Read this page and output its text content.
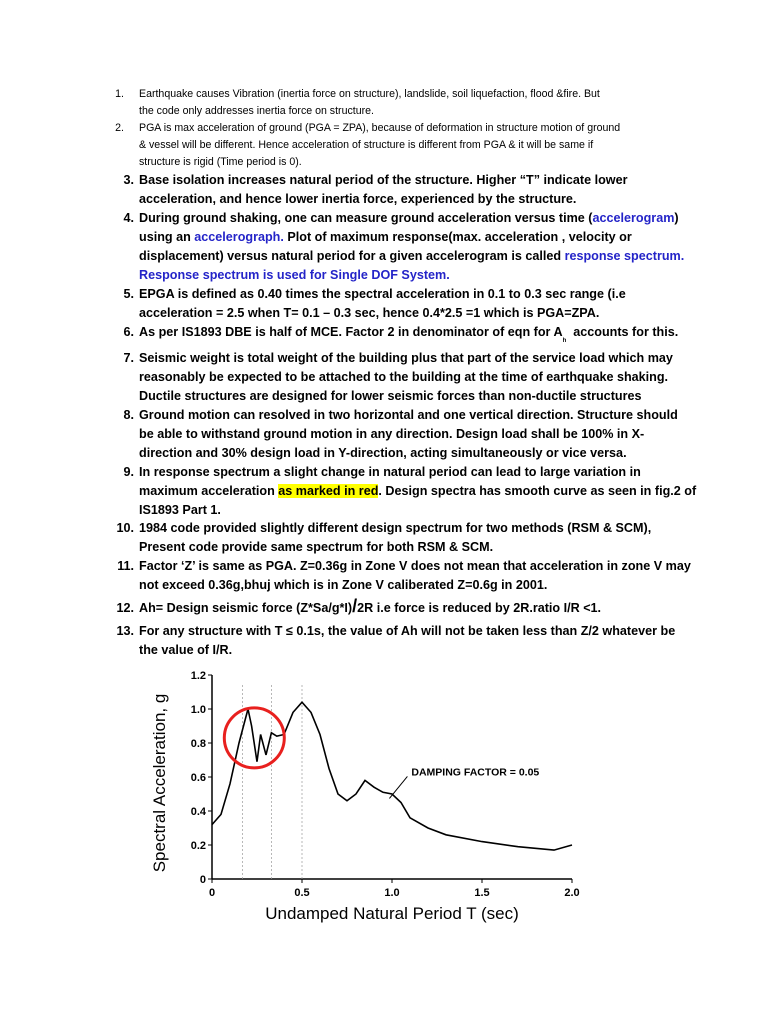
1. Earthquake causes Vibration (inertia force on structure), landslide, soil liquefaction, flood &fire. But
the code only addresses inertia force on structure.
2. PGA is max acceleration of ground (PGA = ZPA), because of deformation in structure motion of ground
& vessel will be different. Hence acceleration of structure is different from PGA & it will be same if
structure is rigid (Time period is 0).
3. Base isolation increases natural period of the structure. Higher “T” indicate lower
acceleration, and hence lower inertia force, experienced by the structure.
4. During ground shaking, one can measure ground acceleration versus time (accelerogram)
using an accelerograph. Plot of maximum response(max. acceleration , velocity or
displacement) versus natural period for a given accelerogram is called response spectrum.
Response spectrum is used for Single DOF System.
5. EPGA is defined as 0.40 times the spectral acceleration in 0.1 to 0.3 sec range (i.e
acceleration = 2.5 when T= 0.1 – 0.3 sec, hence 0.4*2.5 =1 which is PGA=ZPA.
6. As per IS1893 DBE is half of MCE. Factor 2 in denominator of eqn for $A_h$  accounts for this.
7. Seismic weight is total weight of the building plus that part of the service load which may
reasonably be expected to be attached to the building at the time of earthquake shaking.
Ductile structures are designed for lower seismic forces than non-ductile structures
8. Ground motion can resolved in two horizontal and one vertical direction. Structure should
be able to withstand ground motion in any direction. Design load shall be 100% in X-
direction and 30% design load in Y-direction, acting simultaneously or vice versa.
9. In response spectrum a slight change in natural period can lead to large variation in
maximum acceleration as marked in red. Design spectra has smooth curve as seen in fig.2 of
IS1893 Part 1.
10. 1984 code provided slightly different design spectrum for two methods (RSM & SCM),
Present code provide same spectrum for both RSM & SCM.
11. Factor ‘Z’ is same as PGA. Z=0.36g in Zone V does not mean that acceleration in zone V may
not exceed 0.36g,bhuj which is in Zone V caliberated Z=0.6g in 2001.
12. Ah= Design seismic force (Z*Sa/g*I)/2R i.e force is reduced by 2R.ratio I/R <1.
13. For any structure with T ≤ 0.1s, the value of Ah will not be taken less than Z/2 whatever be
the value of I/R.
0
0.2
0.4
0.6
0.8
1.0
1.2
0	0.5	1.0	1.5	2.0
DAMPING FACTOR = 0.05
Undamped Natural Period T (sec)
Spectral Acceleration, g
